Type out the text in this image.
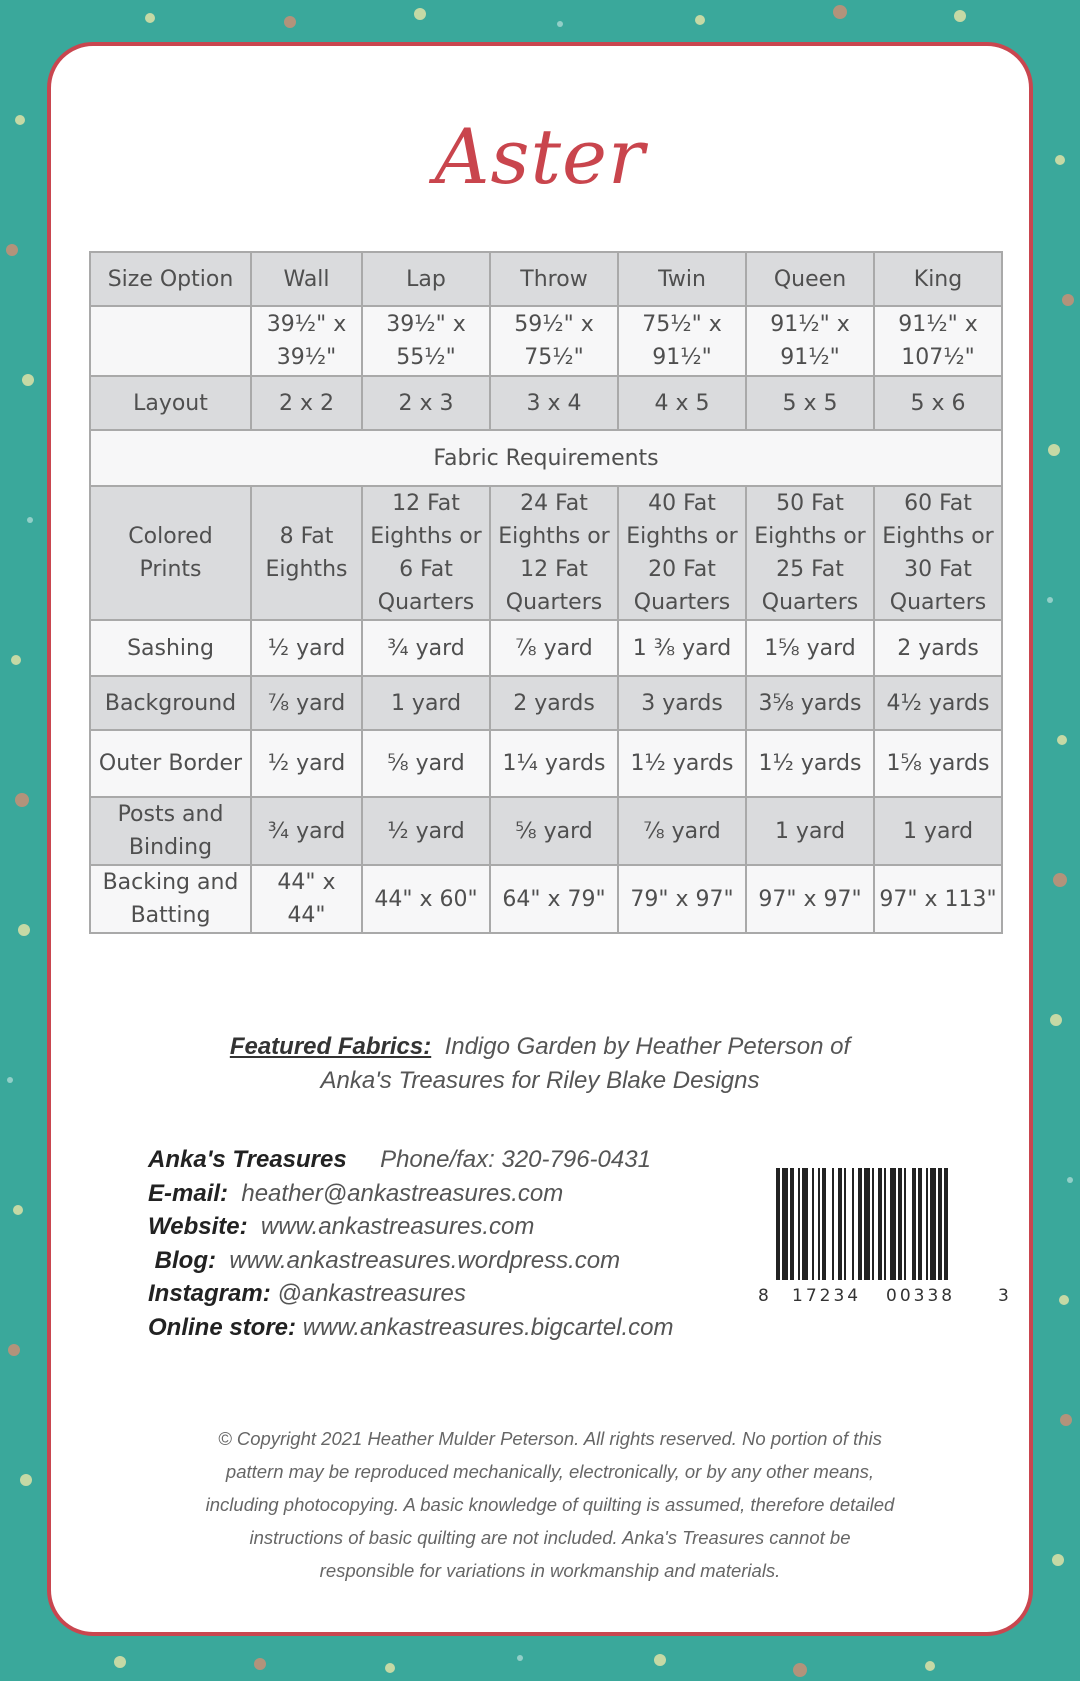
Aster
Size Option	Wall	Lap	Throw	Twin	Queen	King
	39½" x 39½"	39½" x 55½"	59½" x 75½"	75½" x 91½"	91½" x 91½"	91½" x 107½"
Layout	2 x 2	2 x 3	3 x 4	4 x 5	5 x 5	5 x 6
Fabric Requirements						
Colored Prints	8 Fat Eighths	12 Fat Eighths or 6 Fat Quarters	24 Fat Eighths or 12 Fat Quarters	40 Fat Eighths or 20 Fat Quarters	50 Fat Eighths or 25 Fat Quarters	60 Fat Eighths or 30 Fat Quarters
Sashing	½ yard	¾ yard	⅞ yard	1 ⅜ yard	1⅝ yard	2 yards
Background	⅞ yard	1 yard	2 yards	3 yards	3⅝ yards	4½ yards
Outer Border	½ yard	⅝ yard	1¼ yards	1½ yards	1½ yards	1⅝ yards
Posts and Binding	¾ yard	½ yard	⅝ yard	⅞ yard	1 yard	1 yard
Backing and Batting	44" x 44"	44" x 60"	64" x 79"	79" x 97"	97" x 97"	97" x 113"
Featured Fabrics: Indigo Garden by Heather Peterson of
Anka's Treasures for Riley Blake Designs
Anka's Treasures Phone/fax: 320-796-0431
E-mail: heather@ankastreasures.com
Website: www.ankastreasures.com
Blog: www.ankastreasures.wordpress.com
Instagram: @ankastreasures
Online store: www.ankastreasures.bigcartel.com
8 17234 00338	3
© Copyright 2021 Heather Mulder Peterson. All rights reserved. No portion of this
pattern may be reproduced mechanically, electronically, or by any other means,
including photocopying. A basic knowledge of quilting is assumed, therefore detailed
instructions of basic quilting are not included. Anka's Treasures cannot be
responsible for variations in workmanship and materials.
